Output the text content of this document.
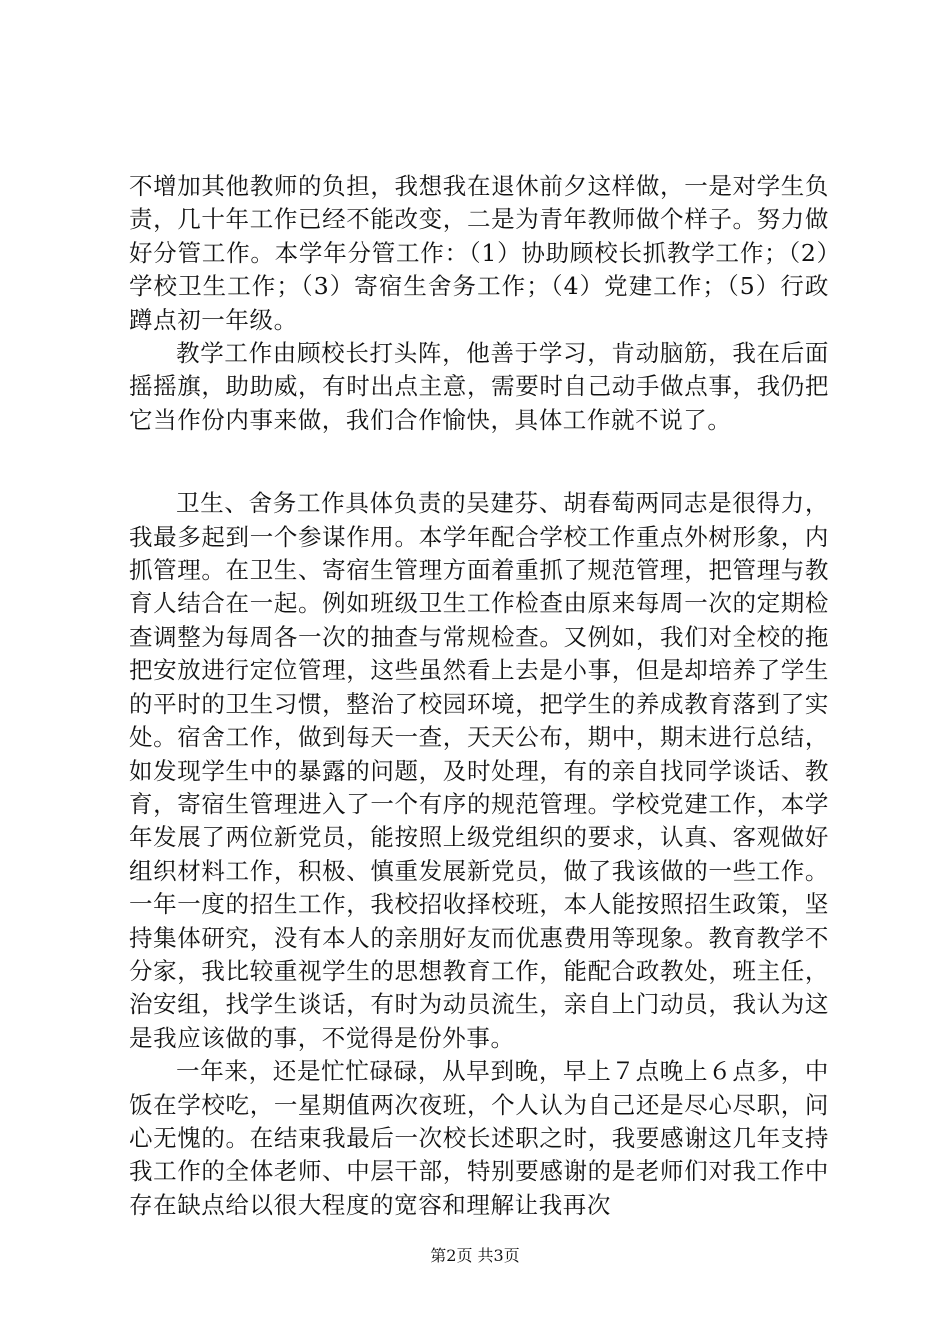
不增加其他教师的负担，我想我在退休前夕这样做，一是对学生负责，几十年工作已经不能改变，二是为青年教师做个样子。努力做好分管工作。本学年分管工作：（1）协助顾校长抓教学工作；（2）学校卫生工作；（3）寄宿生舍务工作；（4）党建工作；（5）行政蹲点初一年级。

教学工作由顾校长打头阵，他善于学习，肯动脑筋，我在后面摇摇旗，助助威，有时出点主意，需要时自己动手做点事，我仍把它当作份内事来做，我们合作愉快，具体工作就不说了。

卫生、舍务工作具体负责的吴建芬、胡春萄两同志是很得力，我最多起到一个参谋作用。本学年配合学校工作重点外树形象，内抓管理。在卫生、寄宿生管理方面着重抓了规范管理，把管理与教育人结合在一起。例如班级卫生工作检查由原来每周一次的定期检查调整为每周各一次的抽查与常规检查。又例如，我们对全校的拖把安放进行定位管理，这些虽然看上去是小事，但是却培养了学生的平时的卫生习惯，整治了校园环境，把学生的养成教育落到了实处。宿舍工作，做到每天一查，天天公布，期中，期末进行总结，如发现学生中的暴露的问题，及时处理，有的亲自找同学谈话、教育，寄宿生管理进入了一个有序的规范管理。学校党建工作，本学年发展了两位新党员，能按照上级党组织的要求，认真、客观做好组织材料工作，积极、慎重发展新党员，做了我该做的一些工作。一年一度的招生工作，我校招收择校班，本人能按照招生政策，坚持集体研究，没有本人的亲朋好友而优惠费用等现象。教育教学不分家，我比较重视学生的思想教育工作，能配合政教处，班主任，治安组，找学生谈话，有时为动员流生，亲自上门动员，我认为这是我应该做的事，不觉得是份外事。

一年来，还是忙忙碌碌，从早到晚，早上７点晚上６点多，中饭在学校吃，一星期值两次夜班，个人认为自己还是尽心尽职，问心无愧的。在结束我最后一次校长述职之时，我要感谢这几年支持我工作的全体老师、中层干部，特别要感谢的是老师们对我工作中存在缺点给以很大程度的宽容和理解让我再次

第2页 共3页
